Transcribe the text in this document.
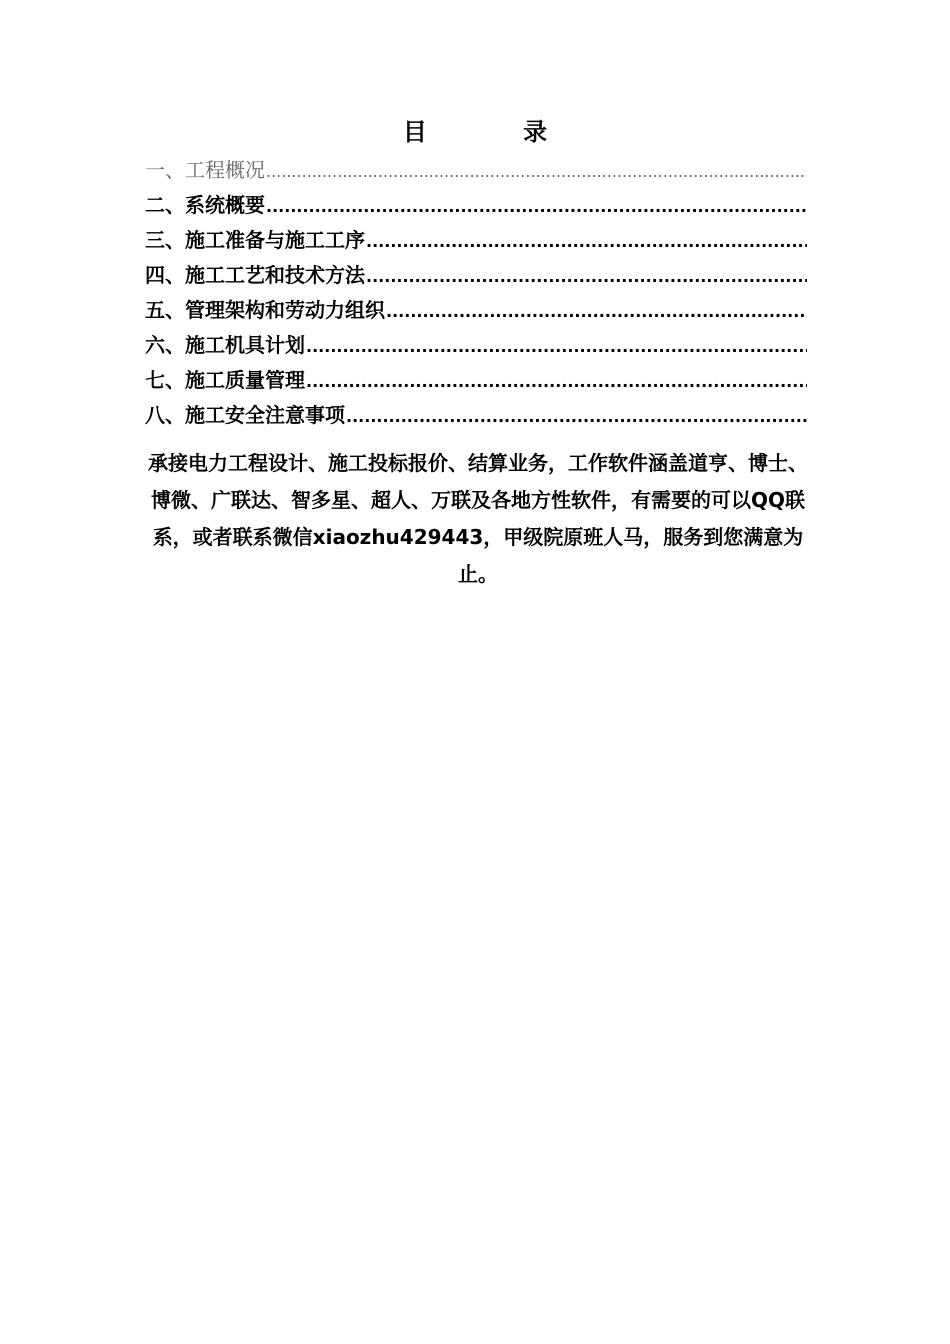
目 录
一、工程概况
.....
二、系统概要
.....
三、施工准备与施工工序
.....
四、施工工艺和技术方法
.....
五、管理架构和劳动力组织
.....
六、施工机具计划
.....
七、施工质量管理
.....
八、施工安全注意事项
.....

承接电力工程设计、施工投标报价、结算业务，工作软件涵盖道亨、博士、博微、广联达、智多星、超人、万联及各地方性软件，有需要的可以QQ联系，或者联系微信xiaozhu429443，甲级院原班人马，服务到您满意为止。
